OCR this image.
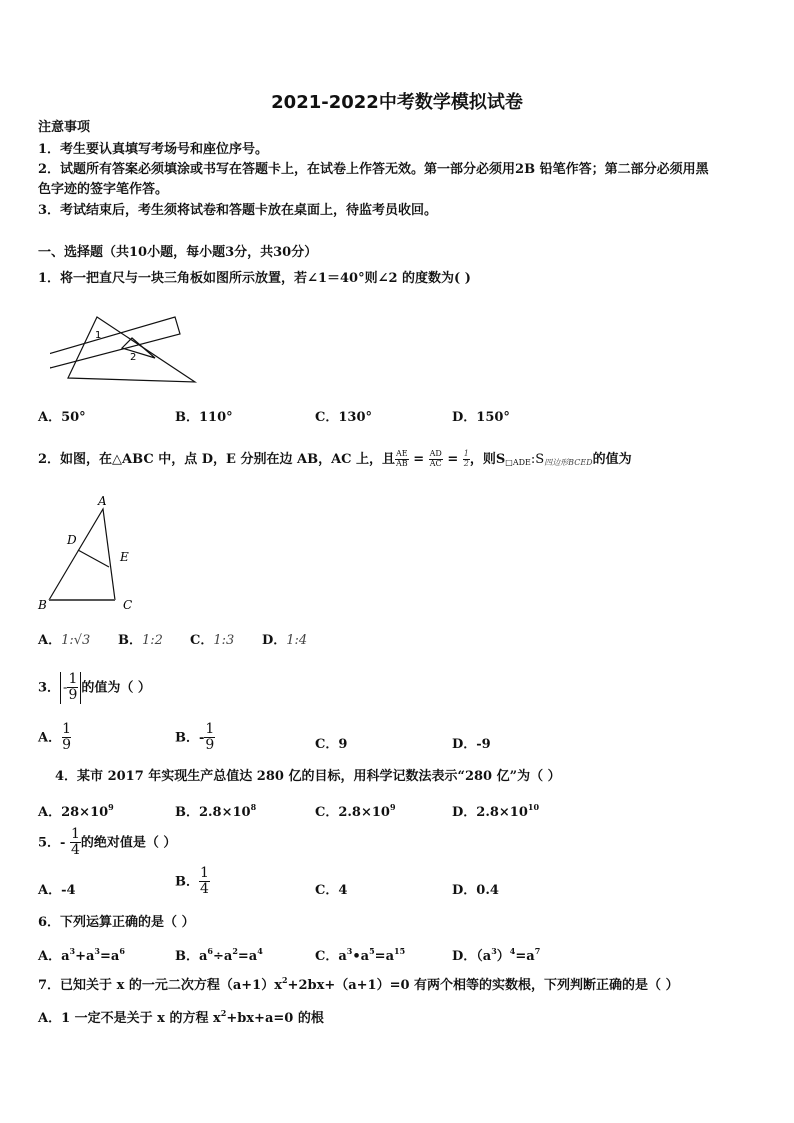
2021-2022中考数学模拟试卷
注意事项
1．考生要认真填写考场号和座位序号。
2．试题所有答案必须填涂或书写在答题卡上，在试卷上作答无效。第一部分必须用2B 铅笔作答；第二部分必须用黑
色字迹的签字笔作答。
3．考试结束后，考生须将试卷和答题卡放在桌面上，待监考员收回。
一、选择题（共10小题，每小题3分，共30分）
1．将一把直尺与一块三角板如图所示放置，若∠1＝40°则∠2 的度数为( )
1
2
A．50°	B．110°	C．130°	D．150°
2．如图，在△ABC 中，点 D，E 分别在边 AB，AC 上，且 $\frac{AE}{AB} = \frac{AD}{AC} = \frac{1}{2}$ ，则$S_{□ADE}:S_{四边形BCED}$的值为
A
D
E
B	C
A．1:√3 B．1:2 C．1:3 D．1:4
3． - $\frac{1}{9}$ 的值为（ ）
A． $\frac{1}{9}$	B．- $\frac{1}{9}$	C．9	D．-9
4．某市 2017 年实现生产总值达 280 亿的目标，用科学记数法表示“280 亿”为（ ）
A．$28\times 10^9$	B．$2.8\times 10^8$	C．$2.8\times 10^9$	D．$2.8\times 10^{10}$
5．- $\frac{1}{4}$ 的绝对值是（ ）
A．-4
B． $\frac{1}{4}$	C．4	D．0.4
6．下列运算正确的是（ ）
A．$a^3+a^3=a^6$	B．$a^6\div a^2=a^4$	C．$a^3•a^5=a^{15}$	D．$(a^3)^4=a^7$
7．已知关于 x 的一元二次方程$(a+1)x^2+2bx+(a+1)=0$ 有两个相等的实数根，下列判断正确的是（ ）
A．1 一定不是关于 x 的方程 $x^2+bx+a=0$ 的根
